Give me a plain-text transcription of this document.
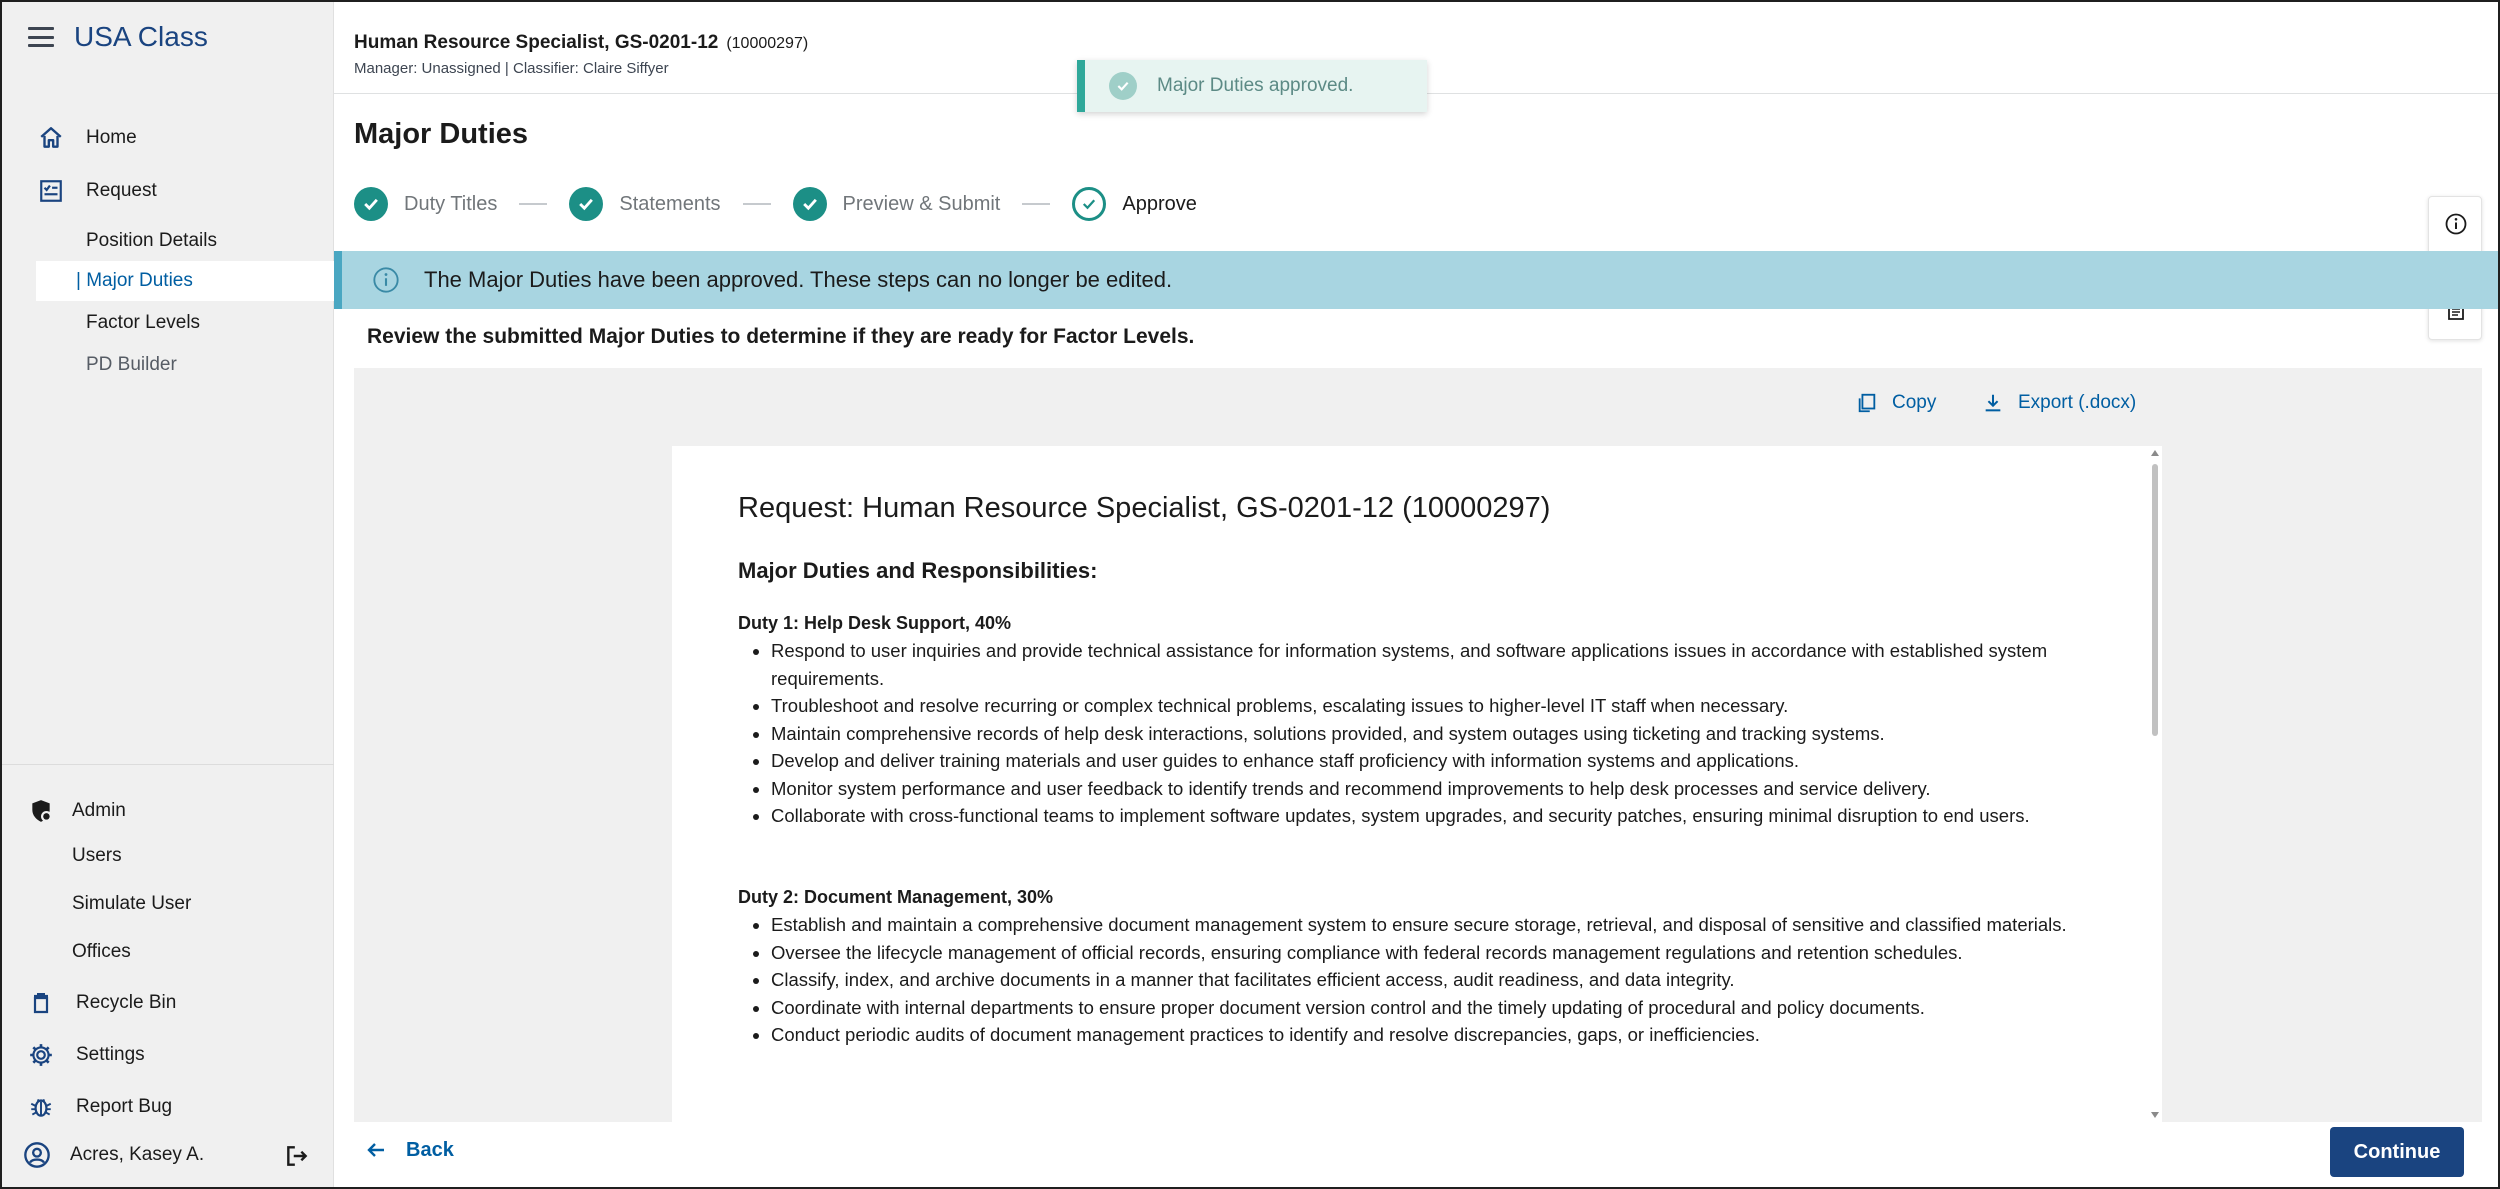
USA Class
Home
Request
Position Details
| Major Duties
Factor Levels
PD Builder
Admin
Users
Simulate User
Offices
Recycle Bin
Settings
Report Bug
Acres, Kasey A.
Human Resource Specialist, GS-0201-12 (10000297)
Manager: Unassigned | Classifier: Claire Siffyer
Major Duties approved.
Major Duties
Duty Titles	Statements	Preview & Submit	Approve
The Major Duties have been approved. These steps can no longer be edited.
Review the submitted Major Duties to determine if they are ready for Factor Levels.
Copy	Export (.docx)
Request: Human Resource Specialist, GS-0201-12 (10000297)
Major Duties and Responsibilities:
Duty 1: Help Desk Support, 40%
• Respond to user inquiries and provide technical assistance for information systems, and software applications issues in accordance with established system requirements.
• Troubleshoot and resolve recurring or complex technical problems, escalating issues to higher-level IT staff when necessary.
• Maintain comprehensive records of help desk interactions, solutions provided, and system outages using ticketing and tracking systems.
• Develop and deliver training materials and user guides to enhance staff proficiency with information systems and applications.
• Monitor system performance and user feedback to identify trends and recommend improvements to help desk processes and service delivery.
• Collaborate with cross-functional teams to implement software updates, system upgrades, and security patches, ensuring minimal disruption to end users.
Duty 2: Document Management, 30%
• Establish and maintain a comprehensive document management system to ensure secure storage, retrieval, and disposal of sensitive and classified materials.
• Oversee the lifecycle management of official records, ensuring compliance with federal records management regulations and retention schedules.
• Classify, index, and archive documents in a manner that facilitates efficient access, audit readiness, and data integrity.
• Coordinate with internal departments to ensure proper document version control and the timely updating of procedural and policy documents.
• Conduct periodic audits of document management practices to identify and resolve discrepancies, gaps, or inefficiencies.
Back	Continue
